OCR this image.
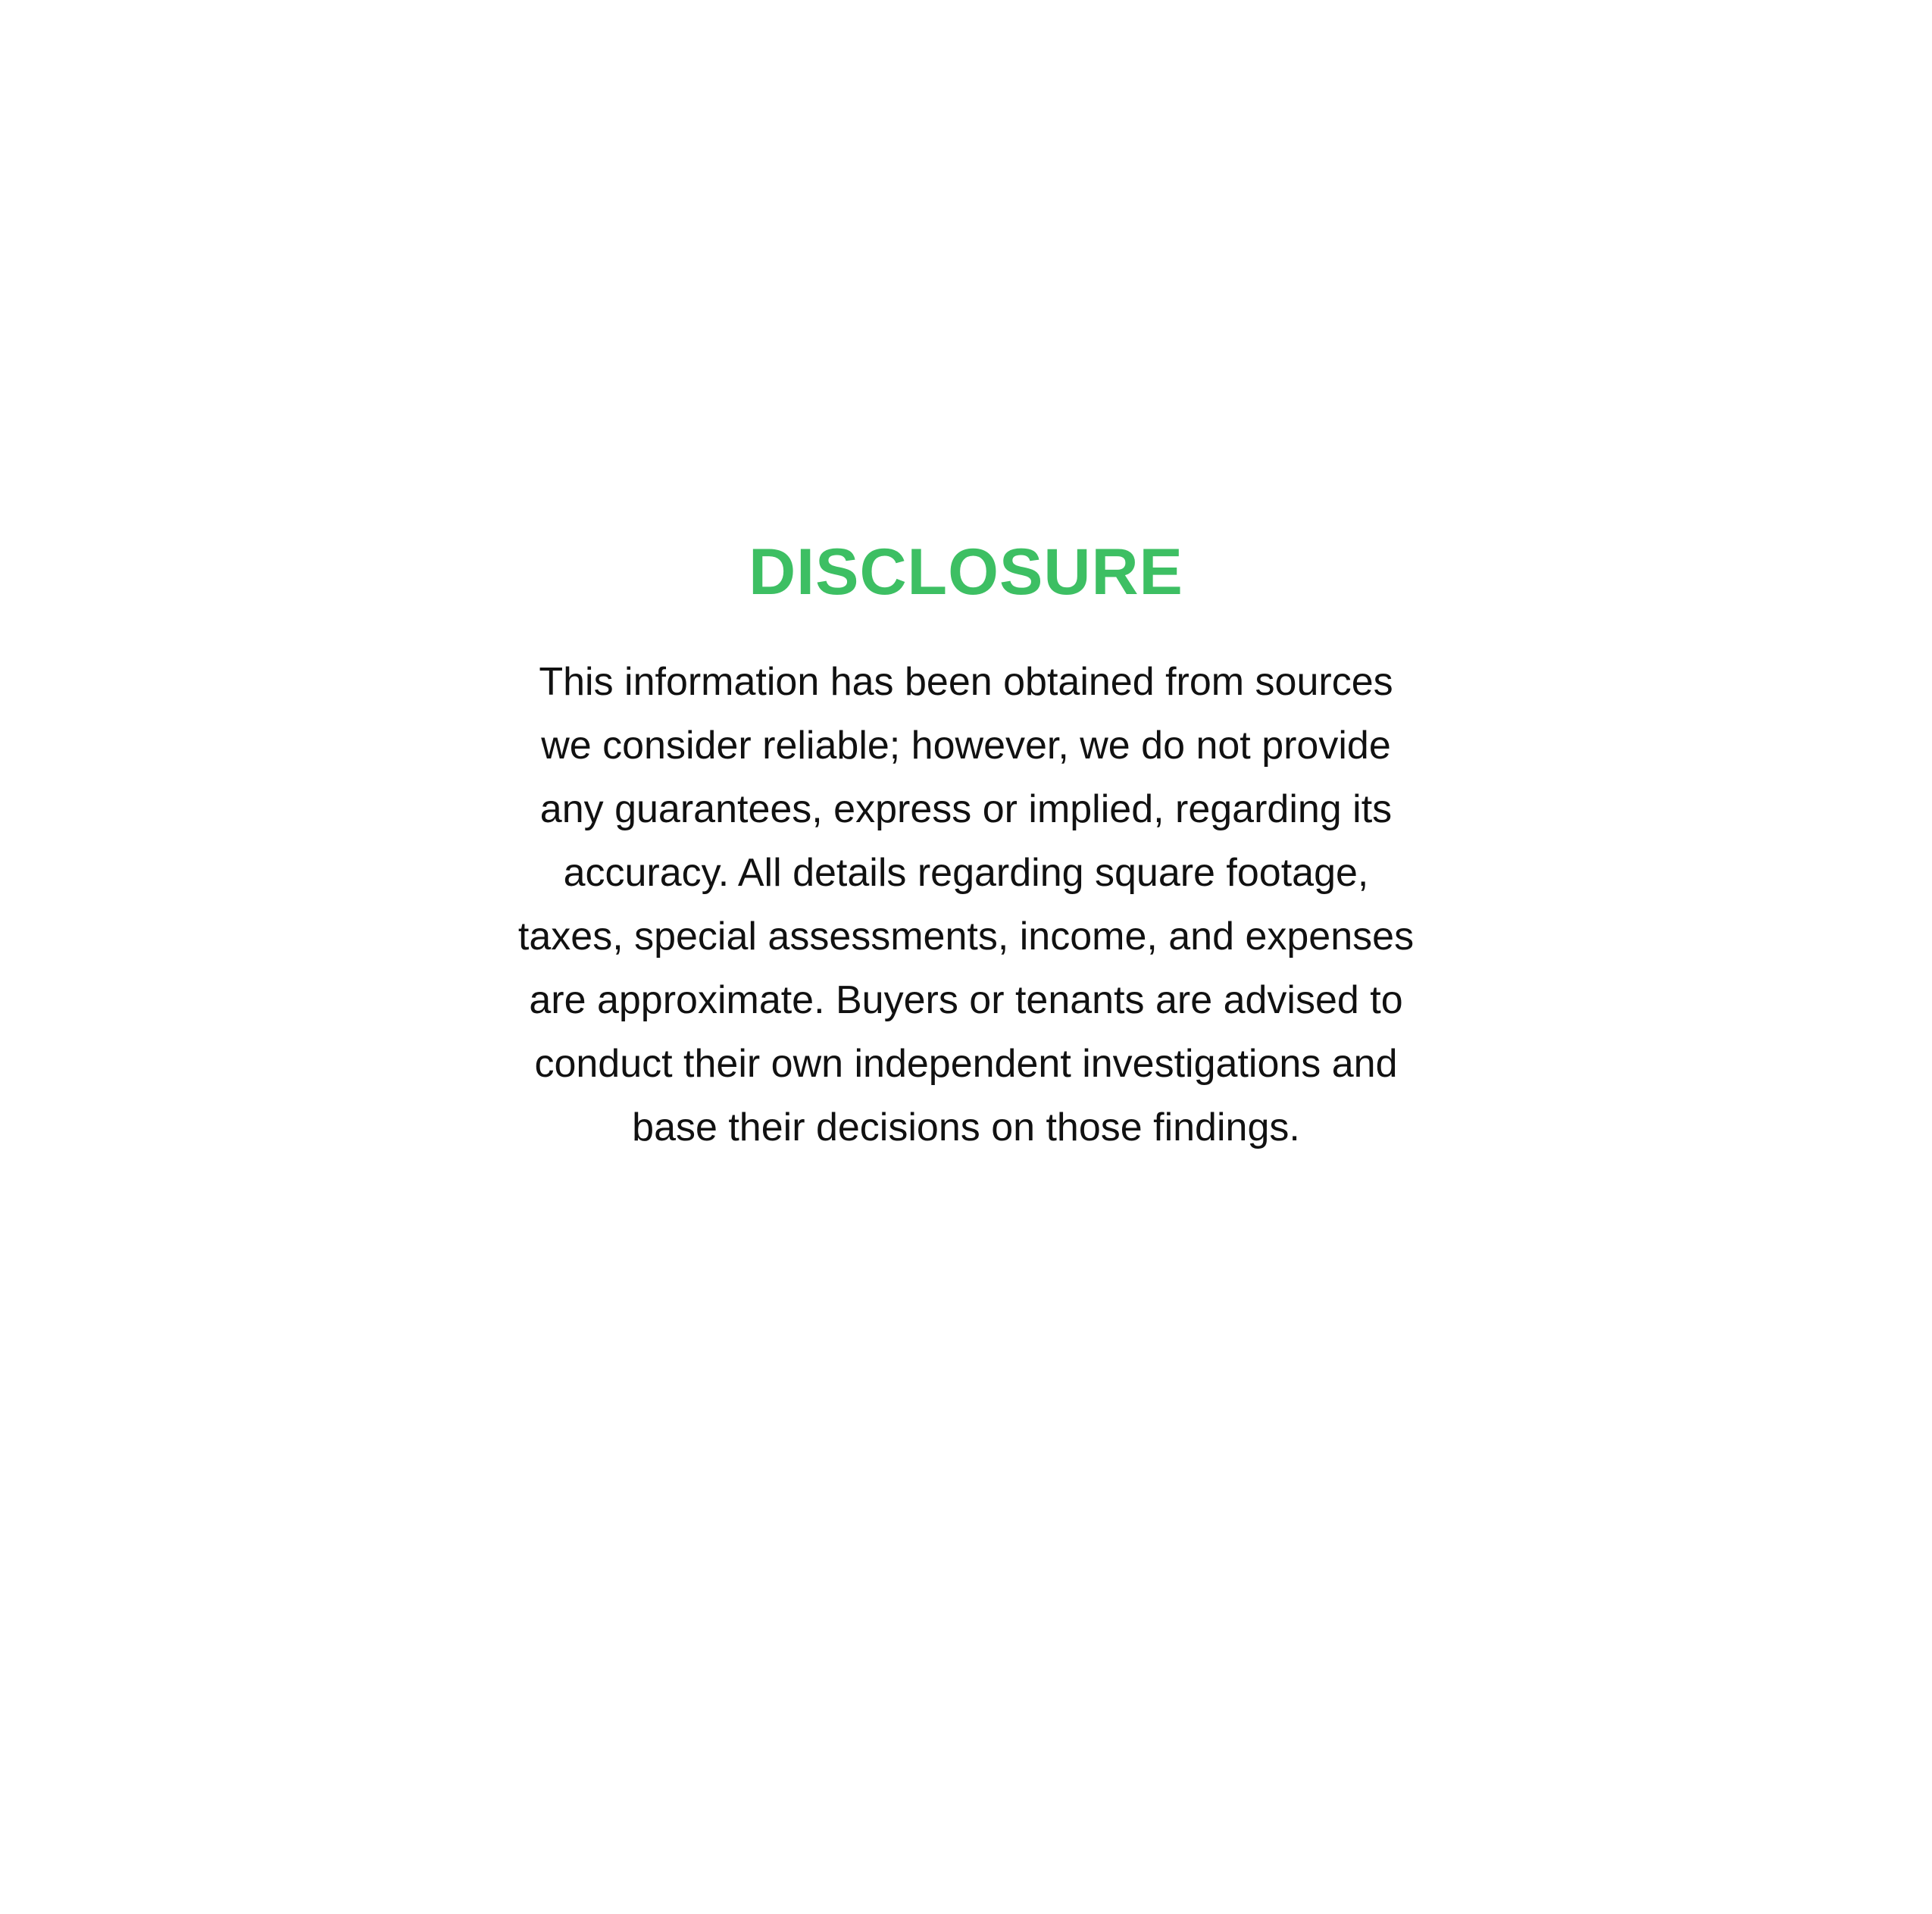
DISCLOSURE

This information has been obtained from sources
we consider reliable; however, we do not provide
any guarantees, express or implied, regarding its
accuracy. All details regarding square footage,
taxes, special assessments, income, and expenses
are approximate. Buyers or tenants are advised to
conduct their own independent investigations and
base their decisions on those findings.
